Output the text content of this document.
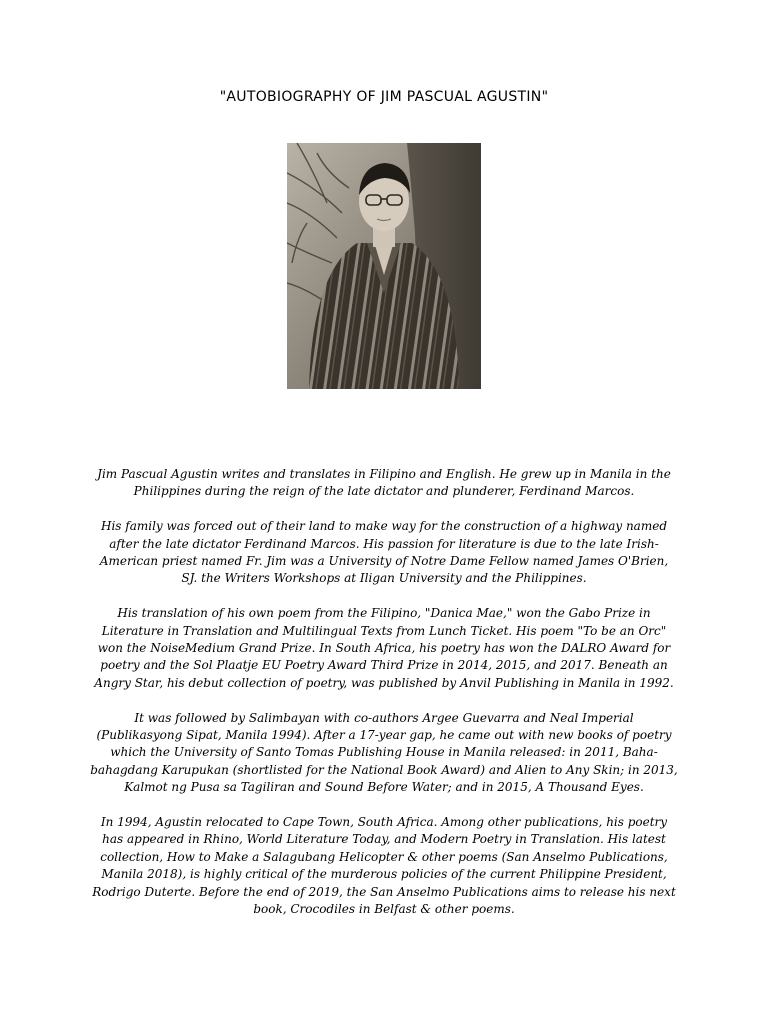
"AUTOBIOGRAPHY OF JIM PASCUAL AGUSTIN"

Jim Pascual Agustin writes and translates in Filipino and English. He grew up in Manila in the Philippines during the reign of the late dictator and plunderer, Ferdinand Marcos.

His family was forced out of their land to make way for the construction of a highway named after the late dictator Ferdinand Marcos. His passion for literature is due to the late Irish-American priest named Fr. Jim was a University of Notre Dame Fellow named James O'Brien, SJ. the Writers Workshops at Iligan University and the Philippines.

His translation of his own poem from the Filipino, "Danica Mae," won the Gabo Prize in Literature in Translation and Multilingual Texts from Lunch Ticket. His poem "To be an Orc" won the NoiseMedium Grand Prize. In South Africa, his poetry has won the DALRO Award for poetry and the Sol Plaatje EU Poetry Award Third Prize in 2014, 2015, and 2017. Beneath an Angry Star, his debut collection of poetry, was published by Anvil Publishing in Manila in 1992.

It was followed by Salimbayan with co-authors Argee Guevarra and Neal Imperial (Publikasyong Sipat, Manila 1994). After a 17-year gap, he came out with new books of poetry which the University of Santo Tomas Publishing House in Manila released: in 2011, Baha-bahagdang Karupukan (shortlisted for the National Book Award) and Alien to Any Skin; in 2013, Kalmot ng Pusa sa Tagiliran and Sound Before Water; and in 2015, A Thousand Eyes.

In 1994, Agustin relocated to Cape Town, South Africa. Among other publications, his poetry has appeared in Rhino, World Literature Today, and Modern Poetry in Translation. His latest collection, How to Make a Salagubang Helicopter & other poems (San Anselmo Publications, Manila 2018), is highly critical of the murderous policies of the current Philippine President, Rodrigo Duterte. Before the end of 2019, the San Anselmo Publications aims to release his next book, Crocodiles in Belfast & other poems.
